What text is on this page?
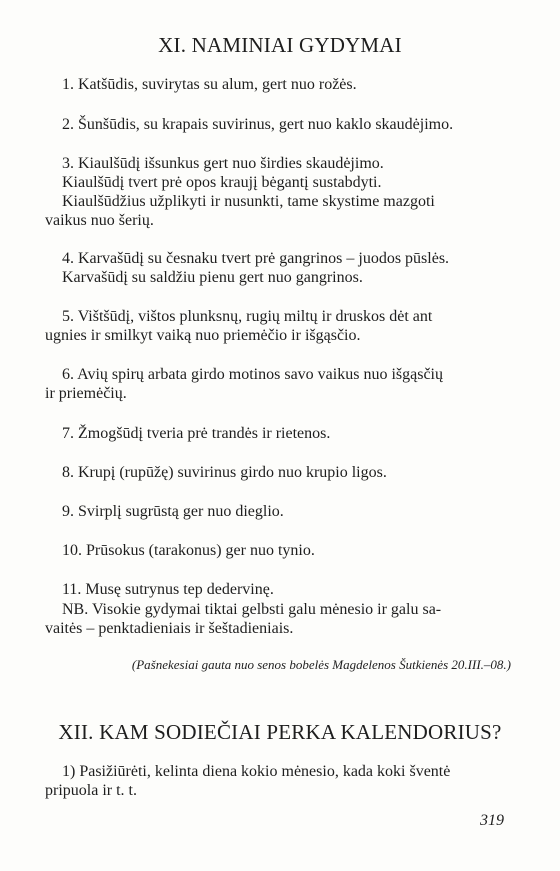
XI. NAMINIAI GYDYMAI
1. Katšūdis, suvirytas su alum, gert nuo rožės.
2. Šunšūdis, su krapais suvirinus, gert nuo kaklo skaudėjimo.
3. Kiaulšūdį išsunkus gert nuo širdies skaudėjimo.
Kiaulšūdį tvert prė opos kraujį bėgantį sustabdyti.
Kiaulšūdžius užplikyti ir nusunkti, tame skystime mazgoti
vaikus nuo šerių.
4. Karvašūdį su česnaku tvert prė gangrinos – juodos pūslės.
Karvašūdį su saldžiu pienu gert nuo gangrinos.
5. Vištšūdį, vištos plunksnų, rugių miltų ir druskos dėt ant
ugnies ir smilkyt vaiką nuo priemėčio ir išgąsčio.
6. Avių spirų arbata girdo motinos savo vaikus nuo išgąsčių
ir priemėčių.
7. Žmogšūdį tveria prė trandės ir rietenos.
8. Krupį (rupūžę) suvirinus girdo nuo krupio ligos.
9. Svirplį sugrūstą ger nuo dieglio.
10. Prūsokus (tarakonus) ger nuo tynio.
11. Musę sutrynus tep dedervinę.
NB. Visokie gydymai tiktai gelbsti galu mėnesio ir galu sa-
vaitės – penktadieniais ir šeštadieniais.
(Pašnekesiai gauta nuo senos bobelės Magdelenos Šutkienės 20.III.–08.)
XII. KAM SODIEČIAI PERKA KALENDORIUS?
1) Pasižiūrėti, kelinta diena kokio mėnesio, kada koki šventė
pripuola ir t. t.
319
